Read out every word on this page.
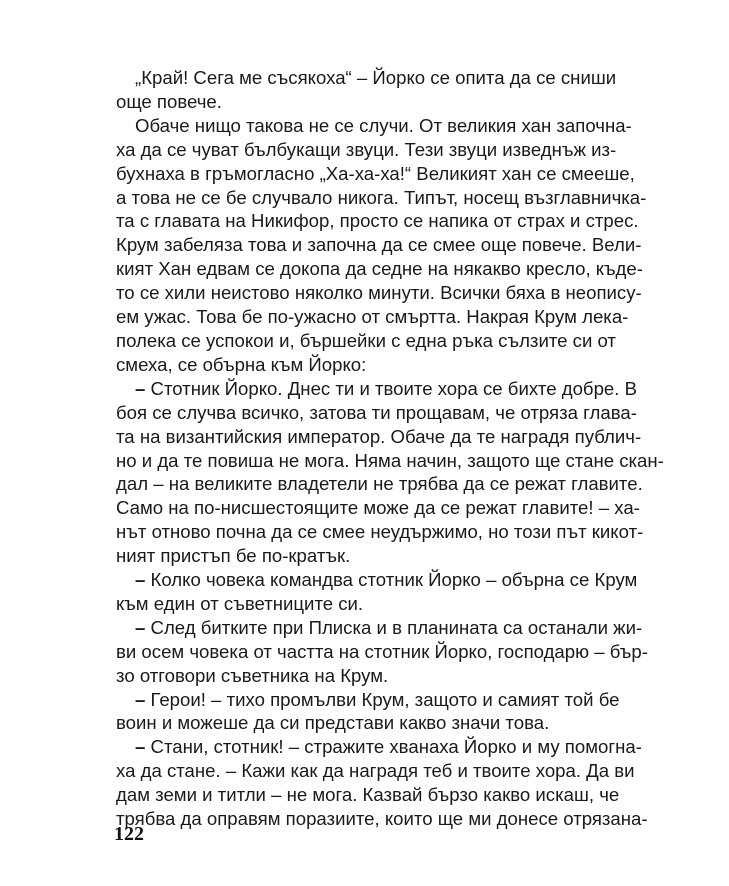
„Край! Сега ме съсякоха“ – Йорко се опита да се сниши
още повече.
Обаче нищо такова не се случи. От великия хан започна-
ха да се чуват бълбукащи звуци. Тези звуци изведнъж из-
бухнаха в гръмогласно „Ха-ха-ха!“ Великият хан се смееше,
а това не се бе случвало никога. Типът, носещ възглавничка-
та с главата на Никифор, просто се напика от страх и стрес.
Крум забеляза това и започна да се смее още повече. Вели-
кият Хан едвам се докопа да седне на някакво кресло, къде-
то се хили неистово няколко минути. Всички бяха в неопису-
ем ужас. Това бе по-ужасно от смъртта. Накрая Крум лека-
полека се успокои и, бършейки с една ръка сълзите си от
смеха, се обърна към Йорко:
– Стотник Йорко. Днес ти и твоите хора се бихте добре. В
боя се случва всичко, затова ти прощавам, че отряза глава-
та на византийския император. Обаче да те наградя публич-
но и да те повиша не мога. Няма начин, защото ще стане скан-
дал – на великите владетели не трябва да се режат главите.
Само на по-нисшестоящите може да се режат главите! – ха-
нът отново почна да се смее неудържимо, но този път кикот-
ният пристъп бе по-кратък.
– Колко човека командва стотник Йорко – обърна се Крум
към един от съветниците си.
– След битките при Плиска и в планината са останали жи-
ви осем човека от частта на стотник Йорко, господарю – бър-
зо отговори съветника на Крум.
– Герои! – тихо промълви Крум, защото и самият той бе
воин и можеше да си представи какво значи това.
– Стани, стотник! – стражите хванаха Йорко и му помогна-
ха да стане. – Кажи как да наградя теб и твоите хора. Да ви
дам земи и титли – не мога. Казвай бързо какво искаш, че
трябва да оправям поразиите, които ще ми донесе отрязана-
122
